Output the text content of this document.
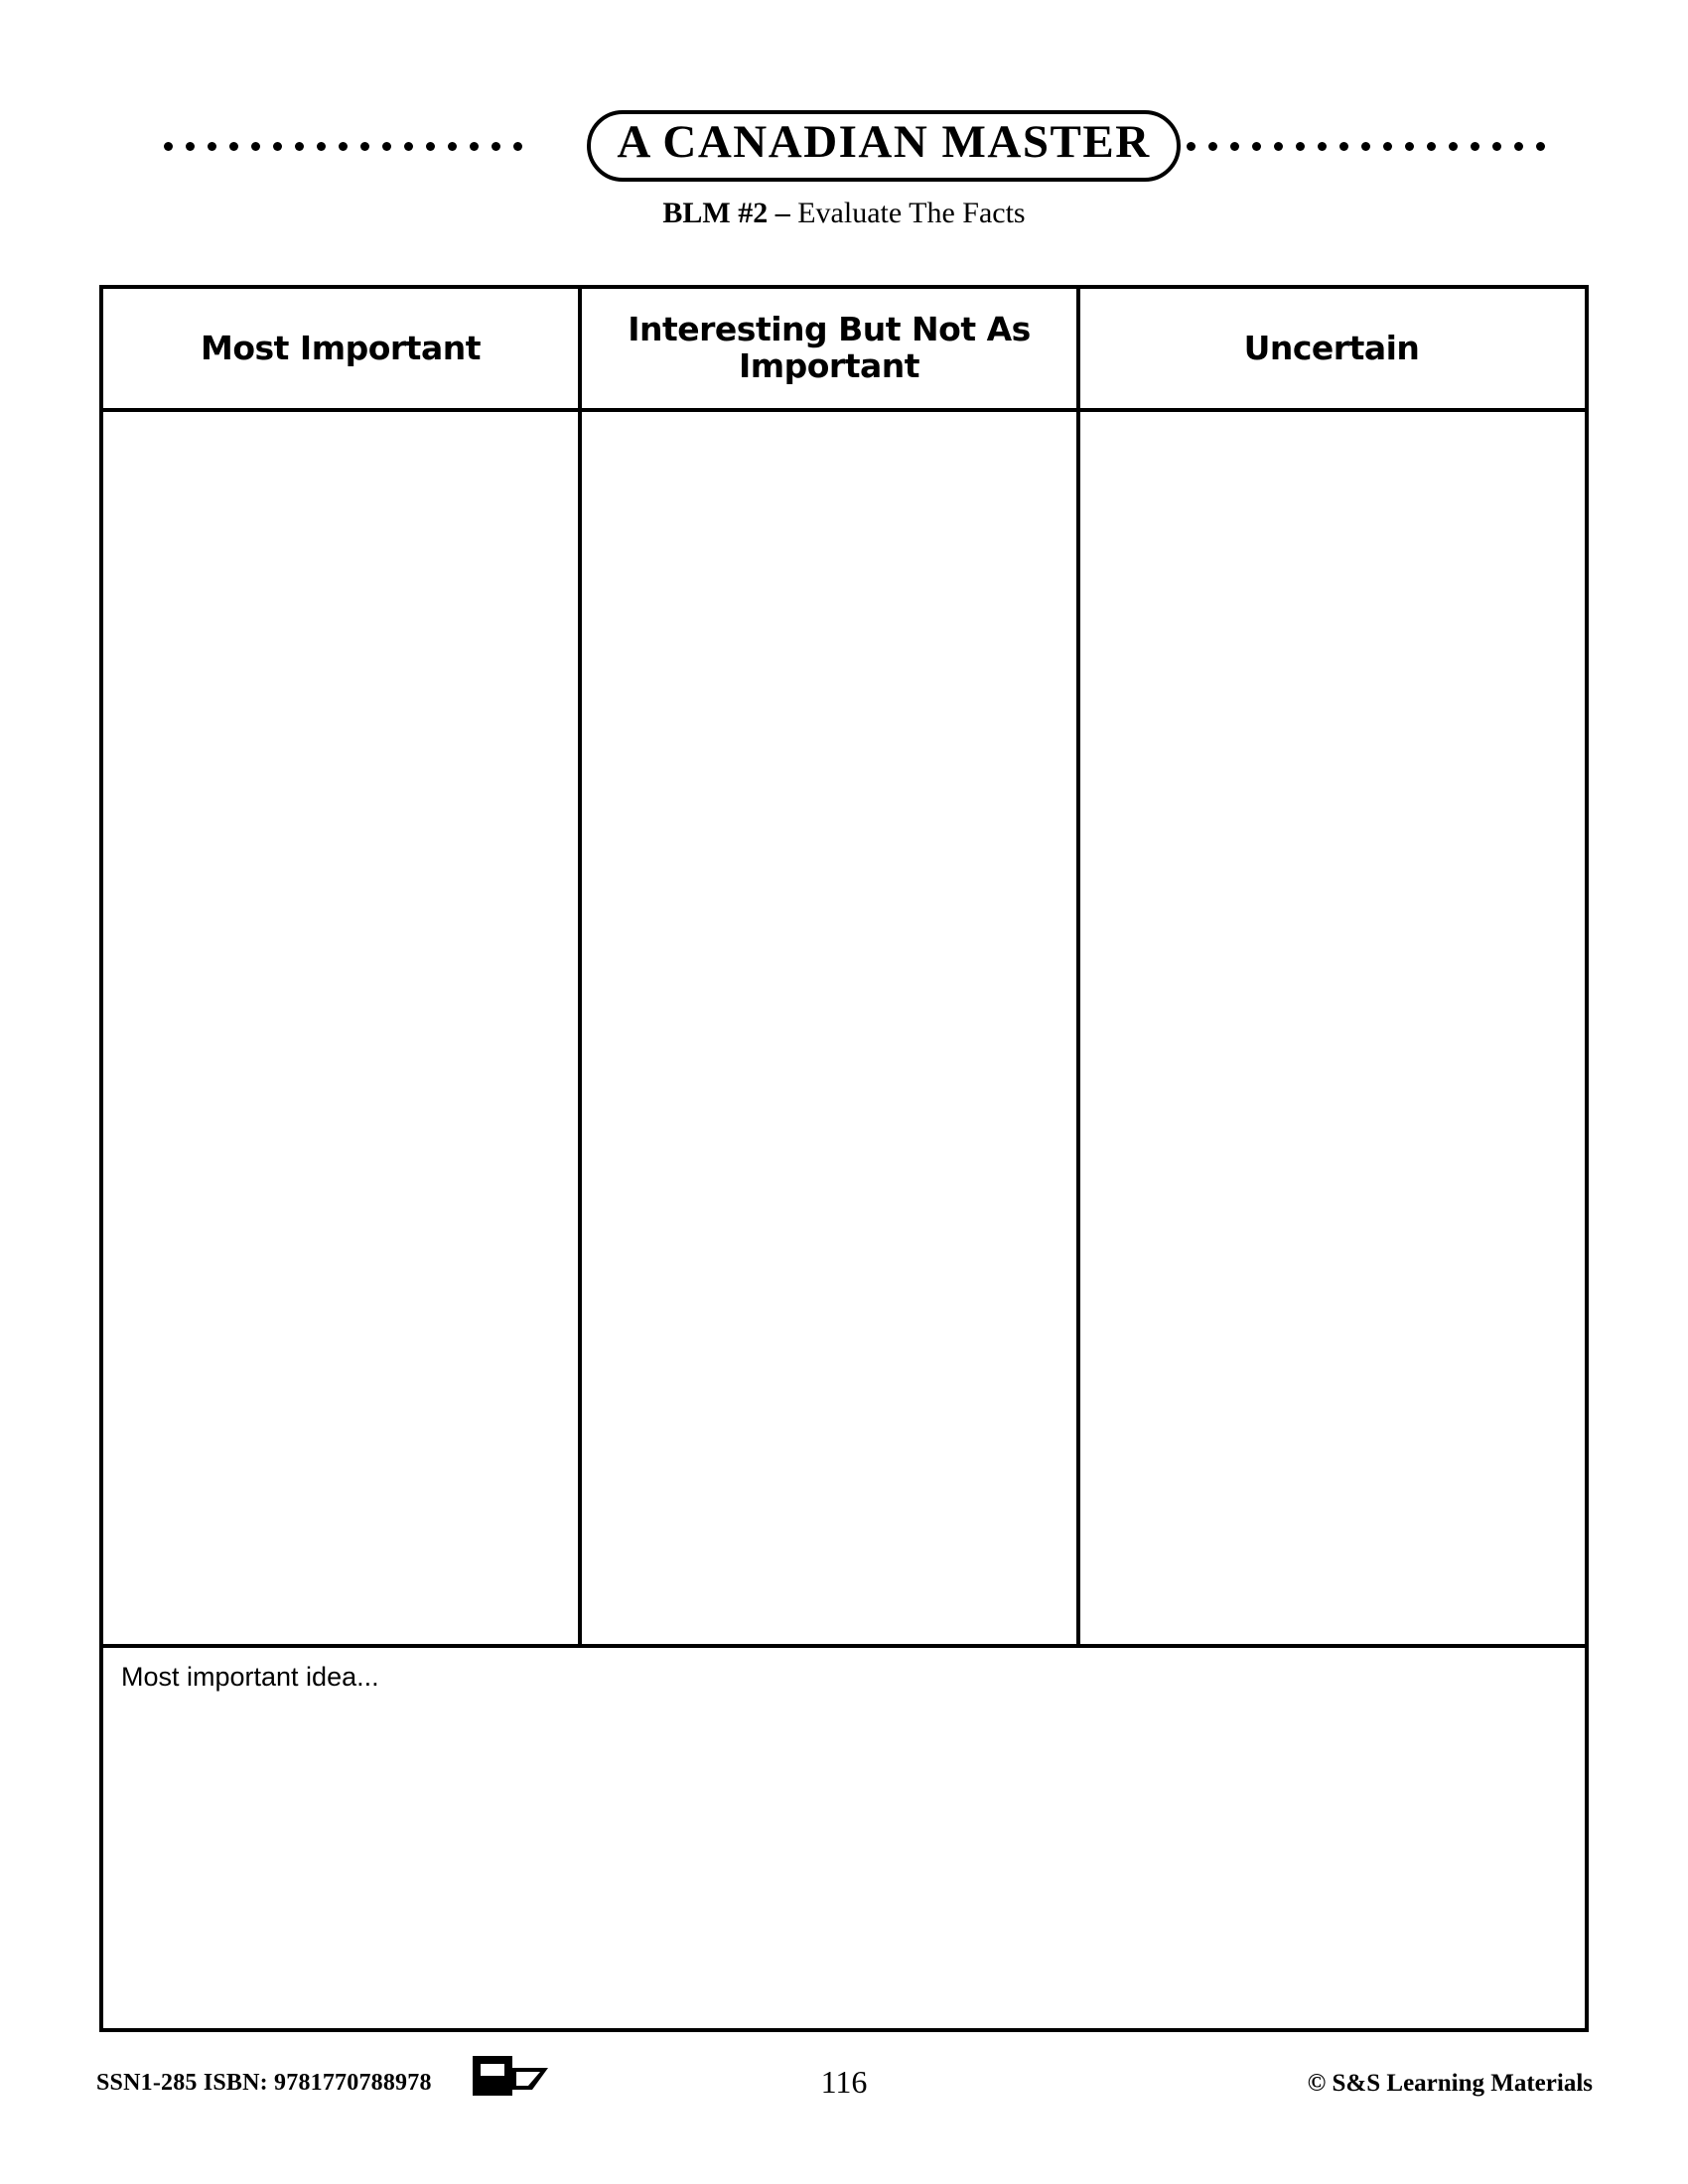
A CANADIAN MASTER
BLM #2 – Evaluate The Facts
Most Important	Interesting But Not As Important	Uncertain
Most important idea...
SSN1-285 ISBN: 9781770788978	116	© S&S Learning Materials
